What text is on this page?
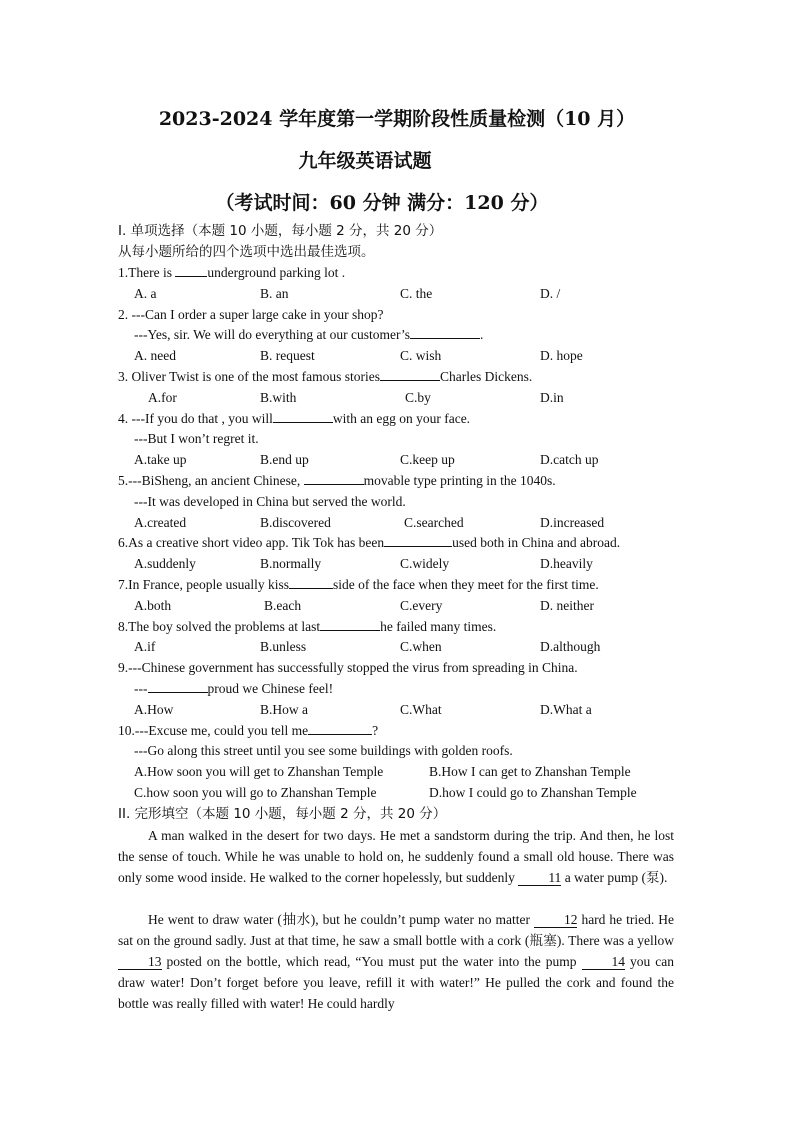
2023-2024 学年度第一学期阶段性质量检测（10 月）
九年级英语试题
（考试时间：60 分钟 满分：120 分）
I. 单项选择（本题 10 小题，每小题 2 分，共 20 分）
从每小题所给的四个选项中选出最佳选项。
1.There is underground parking lot .
A. a	B. an	C. the	D. /
2. ---Can I order a super large cake in your shop?
---Yes, sir. We will do everything at our customer’s	.
A. need	B. request	C. wish	D. hope
3. Oliver Twist is one of the most famous stories	Charles Dickens.
A.for	B.with	C.by	D.in
4. ---If you do that , you will	with an egg on your face.
---But I won’t regret it.
A.take up	B.end up	C.keep up	D.catch up
5.---BiSheng, an ancient Chinese,	movable type printing in the 1040s.
---It was developed in China but served the world.
A.created	B.discovered	C.searched	D.increased
6.As a creative short video app. Tik Tok has been	used both in China and abroad.
A.suddenly	B.normally	C.widely	D.heavily
7.In France, people usually kiss	side of the face when they meet for the first time.
A.both	B.each	C.every	D. neither
8.The boy solved the problems at last	he failed many times.
A.if	B.unless	C.when	D.although
9.---Chinese government has successfully stopped the virus from spreading in China.
---	proud we Chinese feel!
A.How	B.How a	C.What	D.What a
10.---Excuse me, could you tell me	?
---Go along this street until you see some buildings with golden roofs.
A.How soon you will get to Zhanshan Temple	B.How I can get to Zhanshan Temple
C.how soon you will go to Zhanshan Temple	D.how I could go to Zhanshan Temple
II. 完形填空（本题 10 小题，每小题 2 分，共 20 分）
A man walked in the desert for two days. He met a sandstorm during the trip. And then, he lost the sense of touch. While he was unable to hold on, he suddenly found a small old house. There was only some wood inside. He walked to the corner hopelessly, but suddenly 11 a water pump (泵).
He went to draw water (抽水), but he couldn’t pump water no matter 12 hard he tried. He sat on the ground sadly. Just at that time, he saw a small bottle with a cork (瓶塞). There was a yellow 13 posted on the bottle, which read, “You must put the water into the pump 14 you can draw water! Don’t forget before you leave, refill it with water!” He pulled the cork and found the bottle was really filled with water! He could hardly
